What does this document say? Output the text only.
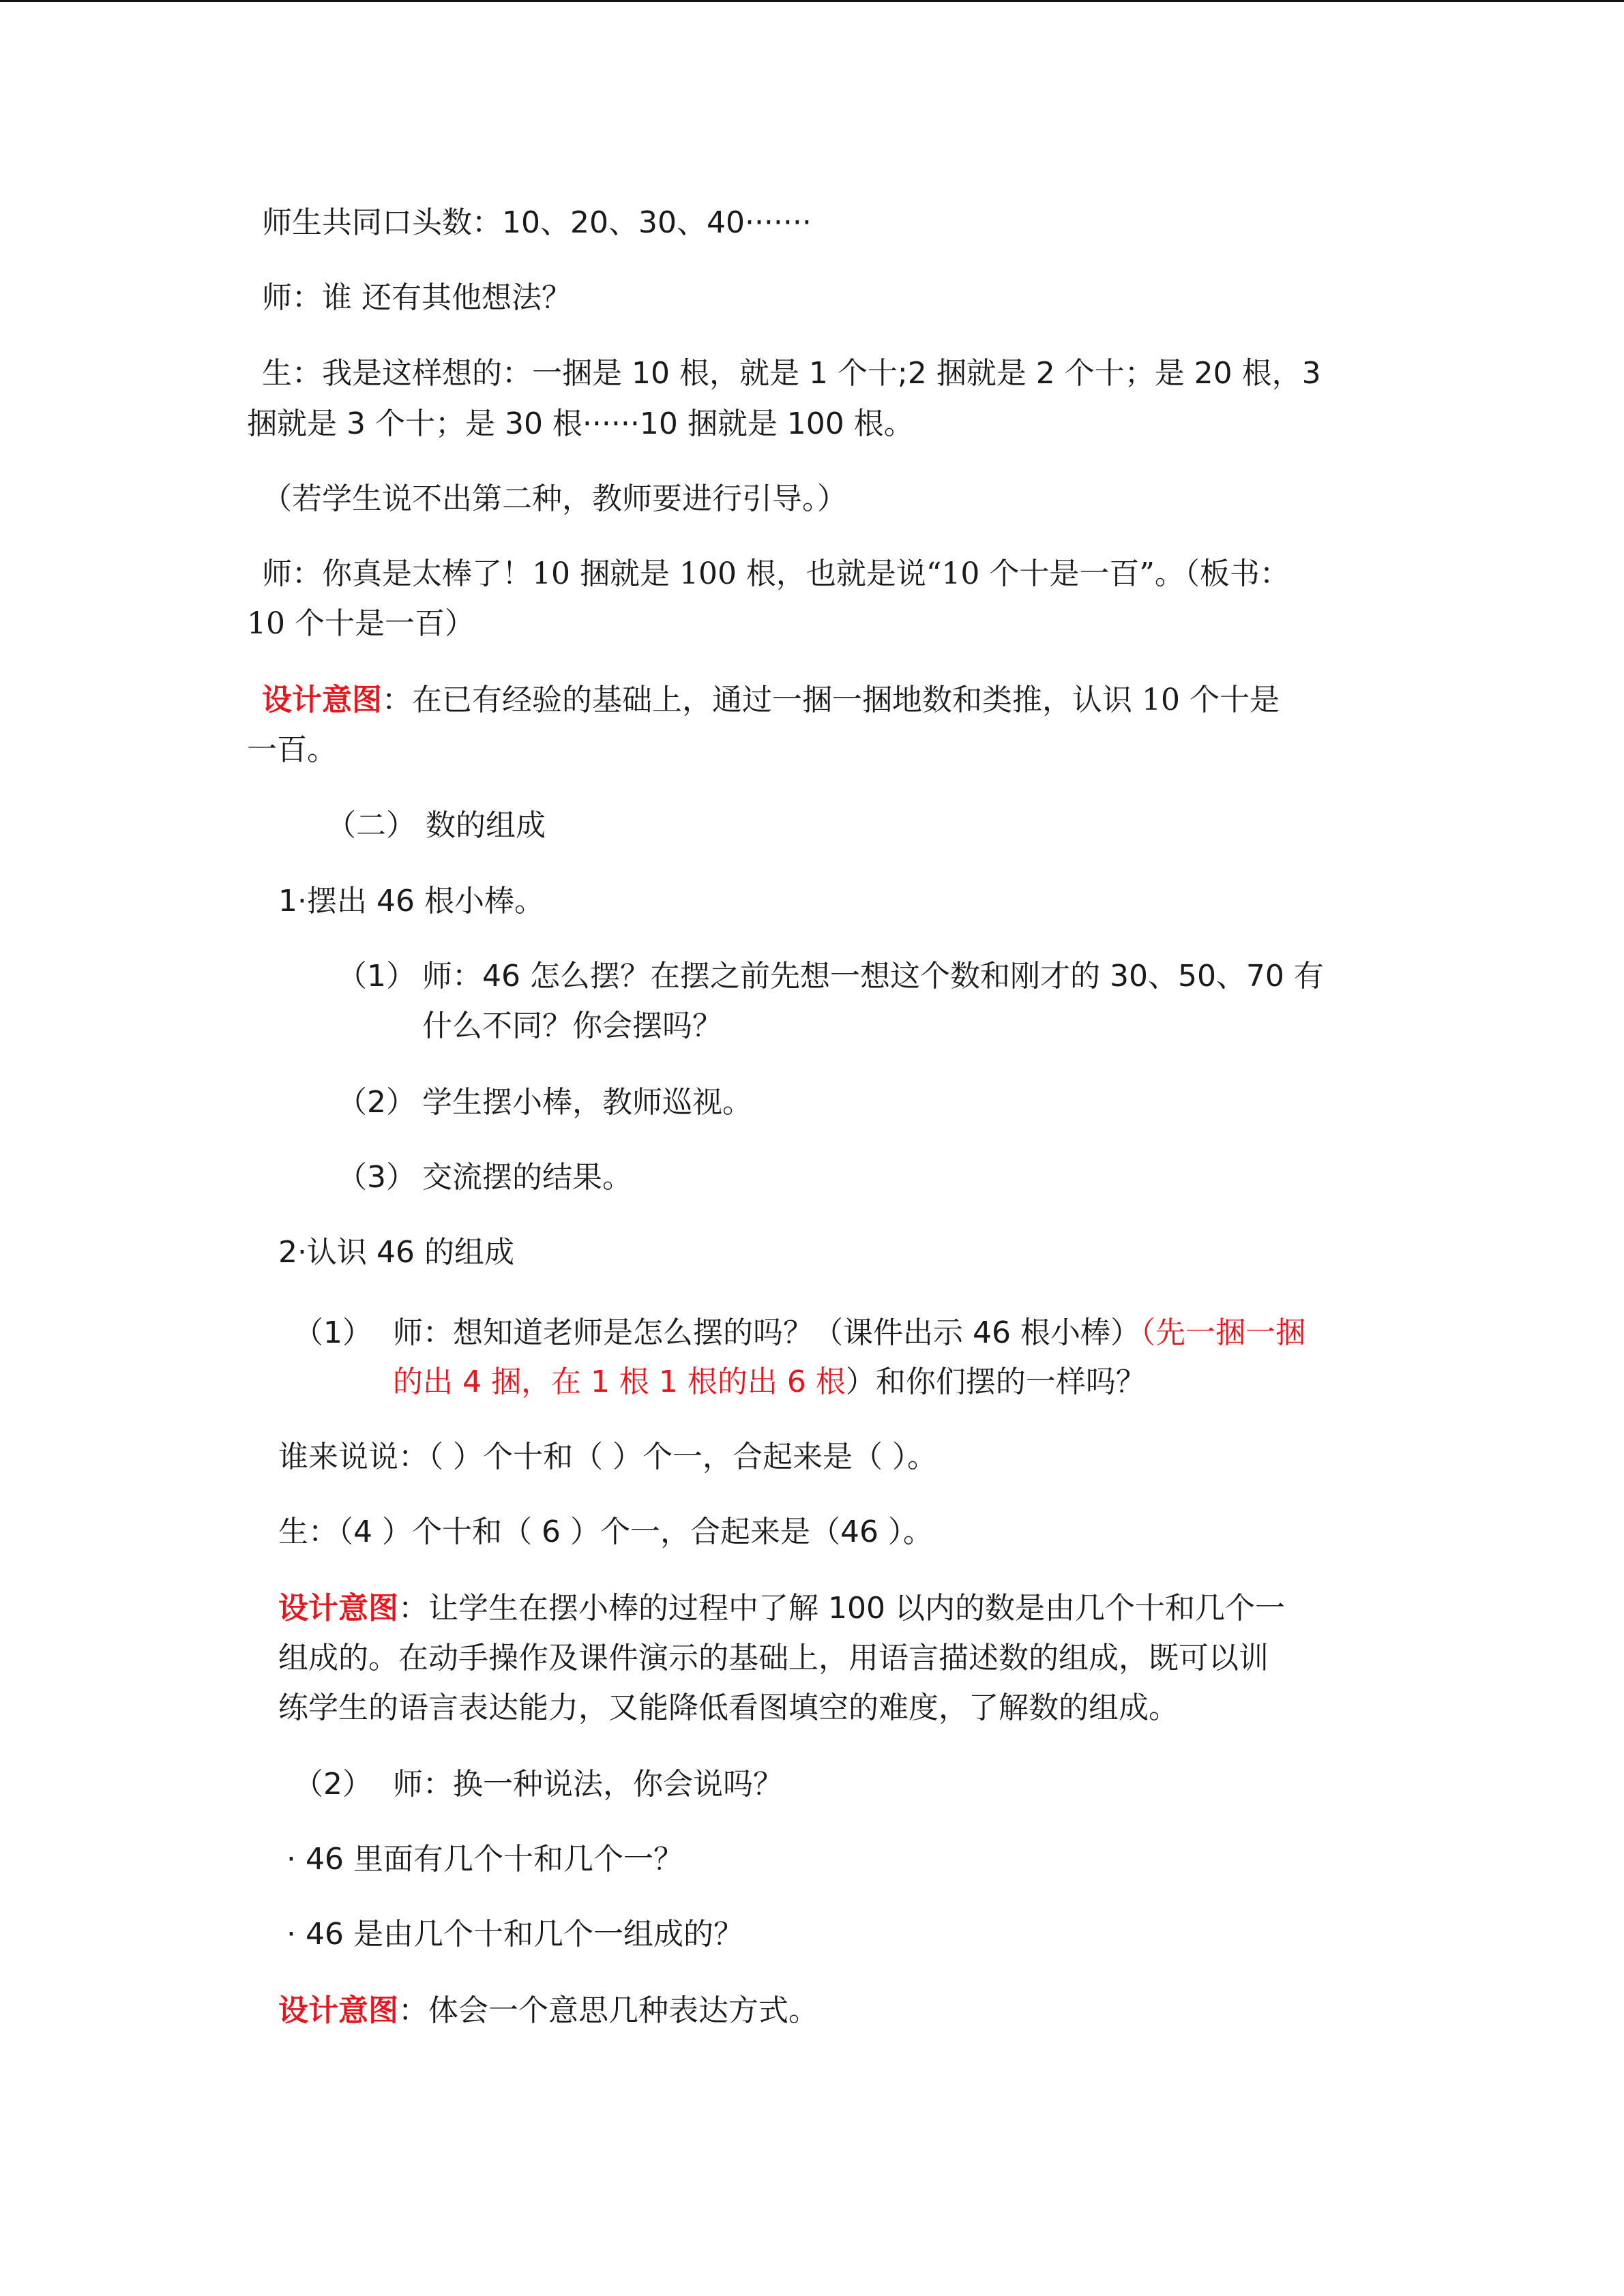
师生共同口头数：10、20、30、40·······
师：谁 还有其他想法？
生：我是这样想的：一捆是 10 根，就是 1 个十;2 捆就是 2 个十；是 20 根，3
捆就是 3 个十；是 30 根······10 捆就是 100 根。
（若学生说不出第二种，教师要进行引导。）
师：你真是太棒了！10 捆就是 100 根，也就是说“10 个十是一百”。（板书：
10 个十是一百）
设计意图：在已有经验的基础上，通过一捆一捆地数和类推，认识 10 个十是
一百。
（二） 数的组成
1·摆出 46 根小棒。
（1） 师：46 怎么摆？在摆之前先想一想这个数和刚才的 30、50、70 有
什么不同？你会摆吗？
（2） 学生摆小棒，教师巡视。
（3） 交流摆的结果。
2·认识 46 的组成
（1） 师：想知道老师是怎么摆的吗？（课件出示 46 根小棒）（先一捆一捆
的出 4 捆，在 1 根 1 根的出 6 根）和你们摆的一样吗？
谁来说说：（ ）个十和（ ）个一，合起来是（ ）。
生：（4 ）个十和（ 6 ）个一，合起来是（46 ）。
设计意图：让学生在摆小棒的过程中了解 100 以内的数是由几个十和几个一
组成的。在动手操作及课件演示的基础上，用语言描述数的组成，既可以训
练学生的语言表达能力，又能降低看图填空的难度，了解数的组成。
（2） 师：换一种说法，你会说吗？
· 46 里面有几个十和几个一？
· 46 是由几个十和几个一组成的？
设计意图：体会一个意思几种表达方式。
